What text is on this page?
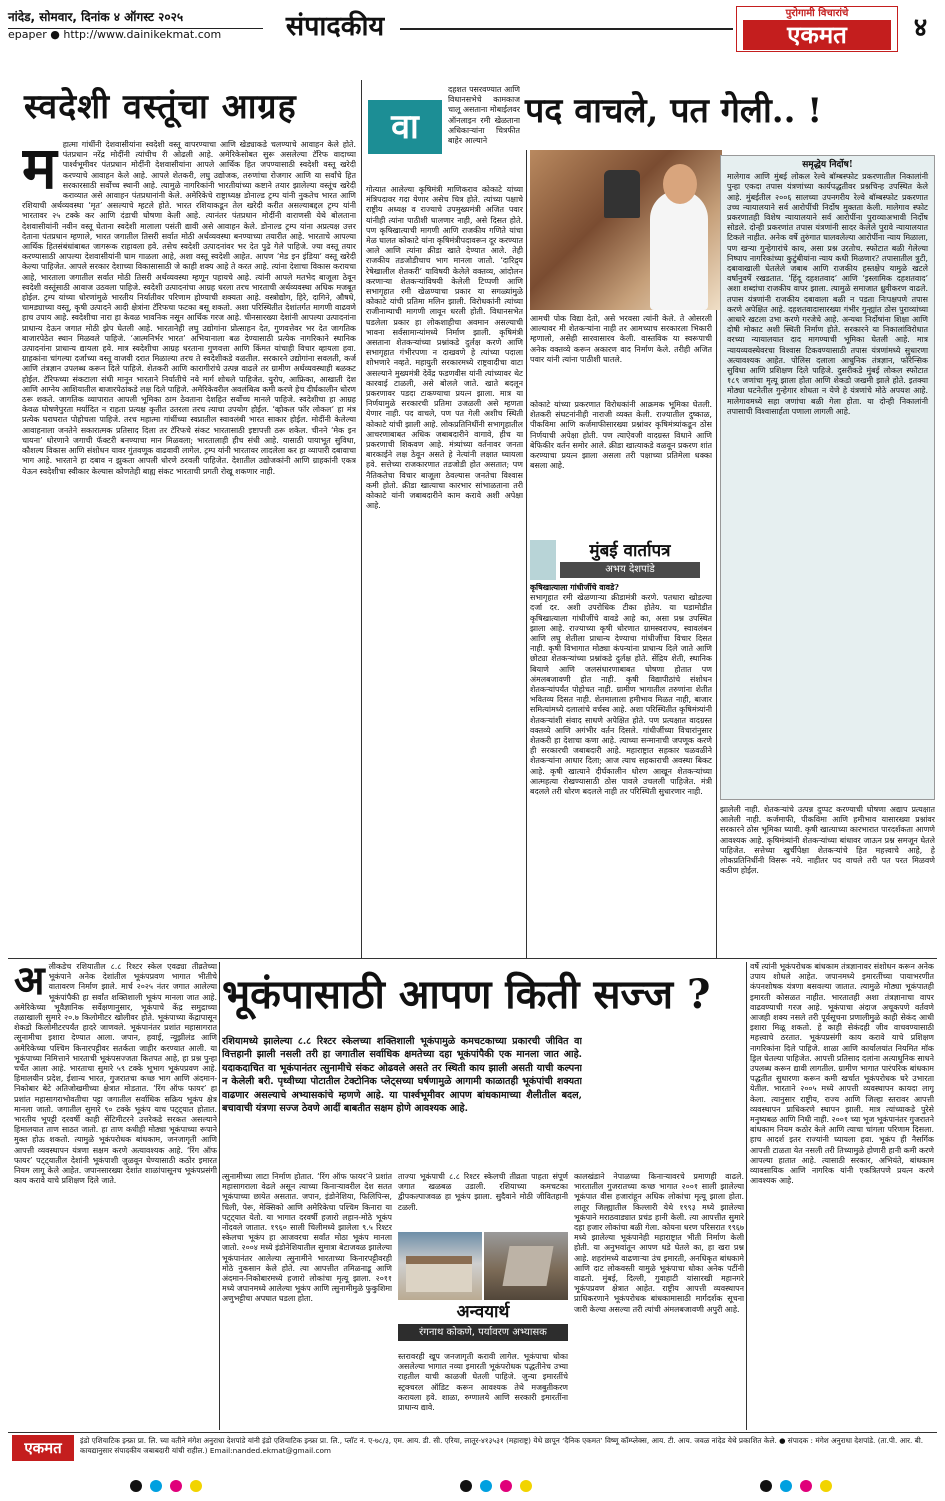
नांदेड, सोमवार, दिनांक ४ ऑगस्ट २०२५
epaper ● http://www.dainikekmat.com	संपादकीय	पुरोगामी विचारांचे
एकमत	४
स्वदेशी वस्तूंचा आग्रह
म हात्मा गांधींनी देशवासीयांना स्वदेशी वस्तू वापरण्याचा आणि खेड्याकडे चलण्याचे आवाहन केले होते. पंतप्रधान नरेंद्र मोदींनी त्यांचीच री ओढली आहे. अमेरिकेसोबत सुरू असलेल्या टॅरिफ वादाच्या पार्श्वभूमीवर पंतप्रधान मोदींनी देशवासीयांना आपले आर्थिक हित जपण्यासाठी स्वदेशी वस्तू खरेदी करण्याचे आवाहन केले आहे. आपले शेतकरी, लघु उद्योजक, तरुणांचा रोजगार आणि या सर्वांचे हित सरकारसाठी सर्वोच्च स्थानी आहे. त्यामुळे नागरिकांनी भारतीयांच्या कष्टाने तयार झालेल्या वस्तूंच खरेदी कराव्यात असे आवाहन पंतप्रधानांनी केले. अमेरिकेचे राष्ट्राध्यक्ष डोनाल्ड ट्रम्प यांनी नुकतेच भारत आणि रशियाची अर्थव्यवस्था ‘मृत’ असल्याचे म्हटले होते. भारत रशियाकडून तेल खरेदी करीत असल्याबद्दल ट्रम्प यांनी भारतावर २५ टक्के कर आणि दंडाची घोषणा केली आहे. त्यानंतर पंतप्रधान मोदींनी वाराणसी येथे बोलताना देशवासीयांनी नवीन वस्तू घेताना स्वदेशी मालाला पसंती द्यावी असे आवाहन केले. डोनाल्ड ट्रम्प यांना अप्रत्यक्ष उत्तर देताना पंतप्रधान म्हणाले, भारत जगातील तिसरी सर्वात मोठी अर्थव्यवस्था बनण्याच्या तयारीत आहे. भारताचे आपल्या आर्थिक हितसंबंधांबाबत जागरूक राहावला हवे. तसेच स्वदेशी उत्पादनांवर भर देत पुढे गेले पाहिजे. ज्या वस्तू तयार करण्यासाठी आपल्या देशवासीयांनी घाम गाळला आहे, अशा वस्तू स्वदेशी आहेत. आपण ‘मेड इन इंडिया’ वस्तू खरेदी केल्या पाहिजेत. आपले सरकार देशाच्या विकासासाठी जे काही शक्य आहे ते करत आहे. त्यांना देशाचा विकास करायचा आहे, भारताला जगातील सर्वात मोठी तिसरी अर्थव्यवस्था म्हणून पहायचे आहे. त्यांनी आपले मतभेद बाजूला ठेवून स्वदेशी वस्तूंसाठी आवाज उठवला पाहिजे. स्वदेशी उत्पादनांचा आग्रह धरला तरच भारताची अर्थव्यवस्था अधिक मजबूत होईल. ट्रम्प यांच्या धोरणांमुळे भारतीय निर्यातीवर परिणाम होण्याची शक्यता आहे. वस्त्रोद्योग, हिरे, दागिने, औषधे, चामड्याच्या वस्तू, कृषी उत्पादने आदी क्षेत्रांना टॅरिफचा फटका बसू शकतो. अशा परिस्थितीत देशांतर्गत मागणी वाढवणे हाच उपाय आहे. स्वदेशीचा नारा हा केवळ भावनिक नसून आर्थिक गरज आहे. चीनसारख्या देशांनी आपल्या उत्पादनांना प्राधान्य देऊन जगात मोठी झेप घेतली आहे. भारतानेही लघु उद्योगांना प्रोत्साहन देत, गुणवत्तेवर भर देत जागतिक बाजारपेठेत स्थान मिळवले पाहिजे. ‘आत्मनिर्भर भारत’ अभियानाला बळ देण्यासाठी प्रत्येक नागरिकाने स्थानिक उत्पादनांना प्राधान्य द्यायला हवे. मात्र स्वदेशीचा आग्रह धरताना गुणवत्ता आणि किंमत यांचाही विचार व्हायला हवा. ग्राहकांना चांगल्या दर्जाच्या वस्तू वाजवी दरात मिळाल्या तरच ते स्वदेशीकडे वळतील. सरकारने उद्योगांना सवलती, कर्ज आणि तंत्रज्ञान उपलब्ध करून दिले पाहिजे. शेतकरी आणि कारागीरांचे उत्पन्न वाढले तर ग्रामीण अर्थव्यवस्थाही बळकट होईल. टॅरिफच्या संकटाला संधी मानून भारताने निर्यातीचे नवे मार्ग शोधले पाहिजेत. युरोप, आफ्रिका, आखाती देश आणि आग्नेय आशियातील बाजारपेठांकडे लक्ष दिले पाहिजे. अमेरिकेवरील अवलंबित्व कमी करणे हेच दीर्घकालीन धोरण ठरू शकते. जागतिक व्यापारात आपली भूमिका ठाम ठेवताना देशहित सर्वोच्च मानले पाहिजे. स्वदेशीचा हा आग्रह केवळ घोषणेपुरता मर्यादित न राहता प्रत्यक्ष कृतीत उतरला तरच त्याचा उपयोग होईल. ‘व्होकल फॉर लोकल’ हा मंत्र प्रत्येक घराघरात पोहोचला पाहिजे. तरच महात्मा गांधींच्या स्वप्नातील स्वावलंबी भारत साकार होईल. मोदींनी केलेल्या आवाहनाला जनतेने सकारात्मक प्रतिसाद दिला तर टॅरिफचे संकट भारतासाठी इष्टापत्ती ठरू शकेल. चीनने ‘मेक इन चायना’ धोरणाने जगाची फॅक्टरी बनण्याचा मान मिळवला; भारतालाही हीच संधी आहे. यासाठी पायाभूत सुविधा, कौशल्य विकास आणि संशोधन यावर गुंतवणूक वाढवावी लागेल. ट्रम्प यांनी भारतावर लादलेला कर हा व्यापारी दबावाचा भाग आहे. भारताने हा दबाव न झुकता आपली धोरणे ठरवली पाहिजेत. देशातील उद्योजकांनी आणि ग्राहकांनी एकत्र येऊन स्वदेशीचा स्वीकार केल्यास कोणतेही बाह्य संकट भारताची प्रगती रोखू शकणार नाही.
वा
दहशत पसरवण्यात आणि विधानसभेचे कामकाज चालू असताना मोबाईलवर ऑनलाइन रमी खेळताना अधिकाऱ्यांना चित्रफीत बाहेर आल्याने
पद वाचले, पत गेली.. !
गोत्यात आलेल्या कृषिमंत्री माणिकराव कोकाटे यांच्या मंत्रिपदावर गदा येणार असेच चित्र होते. त्यांच्या पक्षाचे राष्ट्रीय अध्यक्ष व राज्याचे उपमुख्यमंत्री अजित पवार यांनीही त्यांना पाठीशी घालणार नाही, असे दिसत होते. पण कृषिखात्याची मागणी आणि राजकीय गणिते यांचा मेळ घालत कोकाटे यांना कृषिमंत्रीपदावरून दूर करण्यात आले आणि त्यांना क्रीडा खाते देण्यात आले. तेही राजकीय तडजोडीचाच भाग मानला जातो. ‘दारिद्र्य रेषेखालील शेतकरी’ याविषयी केलेले वक्तव्य, आंदोलन करणाऱ्या शेतकऱ्यांविषयी केलेली टिप्पणी आणि सभागृहात रमी खेळण्याचा प्रकार या सगळ्यांमुळे कोकाटे यांची प्रतिमा मलिन झाली. विरोधकांनी त्यांच्या राजीनाम्याची मागणी लावून धरली होती. विधानसभेत घडलेला प्रकार हा लोकशाहीचा अवमान असल्याची भावना सर्वसामान्यांमध्ये निर्माण झाली. कृषिमंत्री असताना शेतकऱ्यांच्या प्रश्नांकडे दुर्लक्ष करणे आणि सभागृहात गंभीरपणा न दाखवणे हे त्यांच्या पदाला शोभणारे नव्हते. महायुती सरकारमध्ये राष्ट्रवादीचा वाटा असल्याने मुख्यमंत्री देवेंद्र फडणवीस यांनी त्यांच्यावर थेट कारवाई टाळली, असे बोलले जाते. खाते बदलून प्रकरणावर पडदा टाकण्याचा प्रयत्न झाला. मात्र या निर्णयामुळे सरकारची प्रतिमा उजळली असे म्हणता येणार नाही. पद वाचले, पण पत गेली अशीच स्थिती कोकाटे यांची झाली आहे. लोकप्रतिनिधींनी सभागृहातील आचरणाबाबत अधिक जबाबदारीने वागावे, हीच या प्रकरणाची शिकवण आहे. मंत्र्यांच्या वर्तनावर जनता बारकाईने लक्ष ठेवून असते हे नेत्यांनी लक्षात घ्यायला हवे. सत्तेच्या राजकारणात तडजोडी होत असतात; पण नैतिकतेचा विचार बाजूला ठेवल्यास जनतेचा विश्वास कमी होतो. क्रीडा खात्याचा कारभार सांभाळताना तरी कोकाटे यांनी जबाबदारीने काम करावे अशी अपेक्षा आहे.
आमची पोक विद्या देतो, असे भरवसा त्यांनी केले. ते ओसरली आल्यावर मी शेतकऱ्यांना नाही तर आमच्याच सरकारला भिकारी म्हणालो, असेही सारवासारव केली. वास्तविक या स्वरूपाची अनेक वक्तव्ये करून अकारण वाद निर्माण केले. तरीही अजित पवार यांनी त्यांना पाठीशी घातले.
कोकाटे यांच्या प्रकरणात विरोधकांनी आक्रमक भूमिका घेतली. शेतकरी संघटनांनीही नाराजी व्यक्त केली. राज्यातील दुष्काळ, पीकविमा आणि कर्जमाफीसारख्या प्रश्नांवर कृषिमंत्र्यांकडून ठोस निर्णयाची अपेक्षा होती. पण त्याऐवजी वादग्रस्त विधाने आणि बेफिकीर वर्तन समोर आले. क्रीडा खात्याकडे वळवून प्रकरण शांत करण्याचा प्रयत्न झाला असला तरी पक्षाच्या प्रतिमेला धक्का बसला आहे.
मुंबई वार्तापत्र
अभय देशपांडे
कृषिखात्याला गांधीजींचे वावडे?
सभागृहात रमी खेळणाऱ्या क्रीडामंत्री करणे. पतधारा खोडल्या दर्जा दर. अशी उपरोधिक टीका होतेय. या घडामोडीत कृषिखात्याला गांधीजींचे वावडे आहे का, असा प्रश्न उपस्थित झाला आहे. राज्याच्या कृषी धोरणात ग्रामस्वराज्य, स्वावलंबन आणि लघु शेतीला प्राधान्य देण्याचा गांधीजींचा विचार दिसत नाही. कृषी विभागात मोठ्या कंपन्यांना प्राधान्य दिले जाते आणि छोट्या शेतकऱ्यांच्या प्रश्नांकडे दुर्लक्ष होते. सेंद्रिय शेती, स्थानिक बियाणे आणि जलसंधारणाबाबत घोषणा होतात पण अंमलबजावणी होत नाही. कृषी विद्यापीठांचे संशोधन शेतकऱ्यांपर्यंत पोहोचत नाही. ग्रामीण भागातील तरुणांना शेतीत भवितव्य दिसत नाही. शेतमालाला हमीभाव मिळत नाही, बाजार समित्यांमध्ये दलालांचे वर्चस्व आहे. अशा परिस्थितीत कृषिमंत्र्यांनी शेतकऱ्यांशी संवाद साधणे अपेक्षित होते. पण प्रत्यक्षात वादग्रस्त वक्तव्ये आणि अगंभीर वर्तन दिसले. गांधीजींच्या विचारांनुसार शेतकरी हा देशाचा कणा आहे. त्याच्या सन्मानाची जपणूक करणे ही सरकारची जबाबदारी आहे. महाराष्ट्रात सहकार चळवळीने शेतकऱ्यांना आधार दिला; आज त्याच सहकाराची अवस्था बिकट आहे. कृषी खात्याने दीर्घकालीन धोरण आखून शेतकऱ्यांच्या आत्महत्या रोखण्यासाठी ठोस पावले उचलली पाहिजेत. मंत्री बदलले तरी धोरण बदलले नाही तर परिस्थिती सुधारणार नाही.
समृद्धेय निर्दोष!
मालेगाव आणि मुंबई लोकल रेल्वे बॉम्बस्फोट प्रकरणातील निकालांनी पुन्हा एकदा तपास यंत्रणांच्या कार्यपद्धतीवर प्रश्नचिन्ह उपस्थित केले आहे. मुंबईतील २००६ सालच्या उपनगरीय रेल्वे बॉम्बस्फोट प्रकरणात उच्च न्यायालयाने सर्व आरोपींची निर्दोष मुक्तता केली. मालेगाव स्फोट प्रकरणातही विशेष न्यायालयाने सर्व आरोपींना पुराव्याअभावी निर्दोष सोडले. दोन्ही प्रकरणांत तपास यंत्रणांनी सादर केलेले पुरावे न्यायालयात टिकले नाहीत. अनेक वर्षे तुरुंगात घालवलेल्या आरोपींना न्याय मिळाला, पण खऱ्या गुन्हेगारांचे काय, असा प्रश्न उरतोच. स्फोटात बळी गेलेल्या निष्पाप नागरिकांच्या कुटुंबीयांना न्याय कधी मिळणार? तपासातील त्रुटी, दबावाखाली घेतलेले जबाब आणि राजकीय हस्तक्षेप यामुळे खटले वर्षानुवर्षे रखडतात. ‘हिंदू दहशतवाद’ आणि ‘इस्लामिक दहशतवाद’ अशा शब्दांचा राजकीय वापर झाला. त्यामुळे समाजात ध्रुवीकरण वाढले. तपास यंत्रणांनी राजकीय दबावाला बळी न पडता निःपक्षपणे तपास करणे अपेक्षित आहे. दहशतवादासारख्या गंभीर गुन्ह्यांत ठोस पुराव्यांच्या आधारे खटला उभा करणे गरजेचे आहे. अन्यथा निर्दोषांना शिक्षा आणि दोषी मोकाट अशी स्थिती निर्माण होते. सरकारने या निकालांविरोधात वरच्या न्यायालयात दाद मागण्याची भूमिका घेतली आहे. मात्र न्यायव्यवस्थेवरचा विश्वास टिकवण्यासाठी तपास यंत्रणांमध्ये सुधारणा अत्यावश्यक आहेत. पोलिस दलाला आधुनिक तंत्रज्ञान, फॉरेन्सिक सुविधा आणि प्रशिक्षण दिले पाहिजे. दुसरीकडे मुंबई लोकल स्फोटात १८९ जणांचा मृत्यू झाला होता आणि शेकडो जखमी झाले होते. इतक्या मोठ्या घटनेतील गुन्हेगार शोधता न येणे हे यंत्रणांचे मोठे अपयश आहे. मालेगावमध्ये सहा जणांचा बळी गेला होता. या दोन्ही निकालांनी तपासाची विश्वासार्हता पणाला लागली आहे.
झालेली नाही. शेतकऱ्यांचे उत्पन्न दुप्पट करण्याची घोषणा अद्याप प्रत्यक्षात आलेली नाही. कर्जमाफी, पीकविमा आणि हमीभाव यासारख्या प्रश्नांवर सरकारने ठोस भूमिका घ्यावी. कृषी खात्याच्या कारभारात पारदर्शकता आणणे आवश्यक आहे. कृषिमंत्र्यांनी शेतकऱ्यांच्या बांधावर जाऊन प्रश्न समजून घेतले पाहिजेत. सत्तेच्या खुर्चीपेक्षा शेतकऱ्यांचे हित महत्त्वाचे आहे, हे लोकप्रतिनिधींनी विसरू नये. नाहीतर पद वाचले तरी पत परत मिळवणे कठीण होईल.
अ लीकडेच रशियातील ८.८ रिश्टर स्केल एवढ्या तीव्रतेच्या भूकंपाने अनेक देशांतील भूकंपप्रवण भागात भीतीचे वातावरण निर्माण झाले. मार्च २०२५ नंतर जगात आलेल्या भूकंपांपैकी हा सर्वांत शक्तिशाली भूकंप मानला जात आहे. अमेरिकेच्या भूवैज्ञानिक सर्वेक्षणानुसार, भूकंपाचे केंद्र समुद्राच्या तळाखाली सुमारे २०.७ किलोमीटर खोलीवर होते. भूकंपाच्या केंद्रापासून शेकडो किलोमीटरपर्यंत हादरे जाणवले. भूकंपानंतर प्रशांत महासागरात त्सुनामीचा इशारा देण्यात आला. जपान, हवाई, न्यूझीलंड आणि अमेरिकेच्या पश्चिम किनारपट्टीवर सतर्कता जाहीर करण्यात आली. या भूकंपाच्या निमित्ताने भारताची भूकंपसज्जता कितपत आहे, हा प्रश्न पुन्हा चर्चेत आला आहे. भारताचा सुमारे ५९ टक्के भूभाग भूकंपप्रवण आहे. हिमालयीन प्रदेश, ईशान्य भारत, गुजरातचा कच्छ भाग आणि अंदमान-निकोबार बेटे अतिजोखमीच्या क्षेत्रात मोडतात. ‘रिंग ऑफ फायर’ हा प्रशांत महासागराभोवतीचा पट्टा जगातील सर्वाधिक सक्रिय भूकंप क्षेत्र मानला जातो. जगातील सुमारे ९० टक्के भूकंप याच पट्ट्यात होतात. भारतीय भूपट्टी दरवर्षी काही सेंटिमीटरने उत्तरेकडे सरकत असल्याने हिमालयात ताण साठत जातो. हा ताण कधीही मोठ्या भूकंपाच्या रूपाने मुक्त होऊ शकतो. त्यामुळे भूकंपरोधक बांधकाम, जनजागृती आणि आपत्ती व्यवस्थापन यंत्रणा सक्षम करणे अत्यावश्यक आहे. ‘रिंग ऑफ फायर’ पट्ट्यातील देशांनी भूकंपाशी जुळवून घेण्यासाठी कठोर इमारत नियम लागू केले आहेत. जपानसारख्या देशांत शाळांपासूनच भूकंपप्रसंगी काय करावे याचे प्रशिक्षण दिले जाते.
भूकंपासाठी आपण किती सज्ज ?
रशियामध्ये झालेल्या ८.८ रिश्टर स्केलच्या शक्तिशाली भूकंपामुळे कमचटकाच्या प्रकारची जीवित वा वित्तहानी झाली नसली तरी हा जगातील सर्वाधिक क्षमतेच्या दहा भूकंपांपैकी एक मानला जात आहे. यदाकदाचित वा भूकंपानंतर त्सुनामीचे संकट ओढवले असते तर स्थिती काय झाली असती याची कल्पना न केलेली बरी. पृथ्वीच्या पोटातील टेक्टोनिक प्लेट्सच्या घर्षणामुळे आगामी काळातही भूकंपांची शक्यता वाढणार असल्याचे अभ्यासकांचे म्हणणे आहे. या पार्श्वभूमीवर आपण बांधकामाच्या शैलीतील बदल, बचावाची यंत्रणा सज्ज ठेवणे आदीं बाबतीत सक्षम होणे आवश्यक आहे.
त्सुनामीच्या लाटा निर्माण होतात. ‘रिंग ऑफ फायर’ने प्रशांत महासागराला वेढले असून त्याच्या किनाऱ्यावरील देश सतत भूकंपाच्या छायेत असतात. जपान, इंडोनेशिया, फिलिपिन्स, चिली, पेरू, मेक्सिको आणि अमेरिकेचा पश्चिम किनारा या पट्ट्यात येतो. या भागात दरवर्षी हजारो लहान-मोठे भूकंप नोंदवले जातात. १९६० साली चिलीमध्ये झालेला ९.५ रिश्टर स्केलचा भूकंप हा आजवरचा सर्वांत मोठा भूकंप मानला जातो. २००४ मध्ये इंडोनेशियातील सुमात्रा बेटाजवळ झालेल्या भूकंपानंतर आलेल्या त्सुनामीने भारताच्या किनारपट्टीवरही मोठे नुकसान केले होते. त्या आपत्तीत तमिळनाडू आणि अंदमान-निकोबारमध्ये हजारो लोकांचा मृत्यू झाला. २०११ मध्ये जपानमध्ये आलेल्या भूकंप आणि त्सुनामीमुळे फुकुशिमा अणुभट्टीचा अपघात घडला होता.
ताज्या भूकंपाची ८.८ रिश्टर स्केलची तीव्रता पाहता संपूर्ण जगात खळबळ उडाली. रशियाच्या कमचटका द्वीपकल्पाजवळ हा भूकंप झाला. सुदैवाने मोठी जीवितहानी टळली.
अन्वयार्थ
रंगनाथ कोकणे, पर्यावरण अभ्यासक
स्तरावरही खूप जनजागृती करावी लागेल. भूकंपाचा धोका असलेल्या भागात नव्या इमारती भूकंपरोधक पद्धतीनेच उभ्या राहतील याची काळजी घेतली पाहिजे. जुन्या इमारतींचे स्ट्रक्चरल ऑडिट करून आवश्यक तेथे मजबुतीकरण करायला हवे. शाळा, रुग्णालये आणि सरकारी इमारतींना प्राधान्य द्यावे.
कालखंडाने नेपाळच्या किनाऱ्यावरचे प्रमाणही वाढले. भारतातील गुजरातच्या कच्छ भागात २००१ साली झालेल्या भूकंपात वीस हजारांहून अधिक लोकांचा मृत्यू झाला होता. लातूर जिल्ह्यातील किल्लारी येथे १९९३ मध्ये झालेल्या भूकंपाने मराठवाड्यात प्रचंड हानी केली. त्या आपत्तीत सुमारे दहा हजार लोकांचा बळी गेला. कोयना धरण परिसरात १९६७ मध्ये झालेल्या भूकंपानेही महाराष्ट्रात भीती निर्माण केली होती. या अनुभवांतून आपण धडे घेतले का, हा खरा प्रश्न आहे. शहरांमध्ये वाढणाऱ्या उंच इमारती, अनधिकृत बांधकामे आणि दाट लोकवस्ती यामुळे भूकंपाचा धोका अनेक पटींनी वाढतो. मुंबई, दिल्ली, गुवाहाटी यांसारखी महानगरे भूकंपप्रवण क्षेत्रात आहेत. राष्ट्रीय आपत्ती व्यवस्थापन प्राधिकरणाने भूकंपरोधक बांधकामासाठी मार्गदर्शक सूचना जारी केल्या असल्या तरी त्यांची अंमलबजावणी अपुरी आहे.
वर्षे त्यांनी भूकंपरोधक बांधकाम तंत्रज्ञानावर संशोधन करून अनेक उपाय शोधले आहेत. जपानमध्ये इमारतींच्या पायाभरणीत कंपनशोषक यंत्रणा बसवल्या जातात. त्यामुळे मोठ्या भूकंपातही इमारती कोसळत नाहीत. भारतातही अशा तंत्रज्ञानाचा वापर वाढवण्याची गरज आहे. भूकंपाचा अंदाज अचूकपणे वर्तवणे आजही शक्य नसले तरी पूर्वसूचना प्रणालीमुळे काही सेकंद आधी इशारा मिळू शकतो. हे काही सेकंदही जीव वाचवण्यासाठी महत्त्वाचे ठरतात. भूकंपप्रसंगी काय करावे याचे प्रशिक्षण नागरिकांना दिले पाहिजे. शाळा आणि कार्यालयांत नियमित मॉक ड्रिल घेतल्या पाहिजेत. आपत्ती प्रतिसाद दलांना अत्याधुनिक साधने उपलब्ध करून द्यावी लागतील. ग्रामीण भागात पारंपरिक बांधकाम पद्धतीत सुधारणा करून कमी खर्चात भूकंपरोधक घरे उभारता येतील. भारताने २००५ मध्ये आपत्ती व्यवस्थापन कायदा लागू केला. त्यानुसार राष्ट्रीय, राज्य आणि जिल्हा स्तरावर आपत्ती व्यवस्थापन प्राधिकरणे स्थापन झाली. मात्र त्यांच्याकडे पुरेसे मनुष्यबळ आणि निधी नाही. २००१ च्या भूज भूकंपानंतर गुजरातने बांधकाम नियम कठोर केले आणि त्याचा चांगला परिणाम दिसला. हाच आदर्श इतर राज्यांनी घ्यायला हवा. भूकंप ही नैसर्गिक आपत्ती टाळता येत नसली तरी तिच्यामुळे होणारी हानी कमी करणे आपल्या हातात आहे. त्यासाठी सरकार, अभियंते, बांधकाम व्यावसायिक आणि नागरिक यांनी एकत्रितपणे प्रयत्न करणे आवश्यक आहे.
एकमत	इंडो एशियाटिक इन्फ्रा प्रा. लि. च्या वतीने मंगेश अनुराधा देशपांडे यांनी इंडो एशियाटिक इन्फ्रा प्रा. लि., प्लॉट नं. ए-७८/३, एम. आय. डी. सी. एरिया, लातूर-४१३५३१ (महाराष्ट्र) येथे छापून ‘दैनिक एकमत’ विष्णू कॉम्प्लेक्स, आय. टी. आय. जवळ नांदेड येथे प्रकाशित केले. ● संपादक : मंगेश अनुराधा देशपांडे. (ता.पी. आर. बी. कायद्यानुसार संपादकीय जबाबदारी यांची राहील.) Email:nanded.ekmat@gmail.com
